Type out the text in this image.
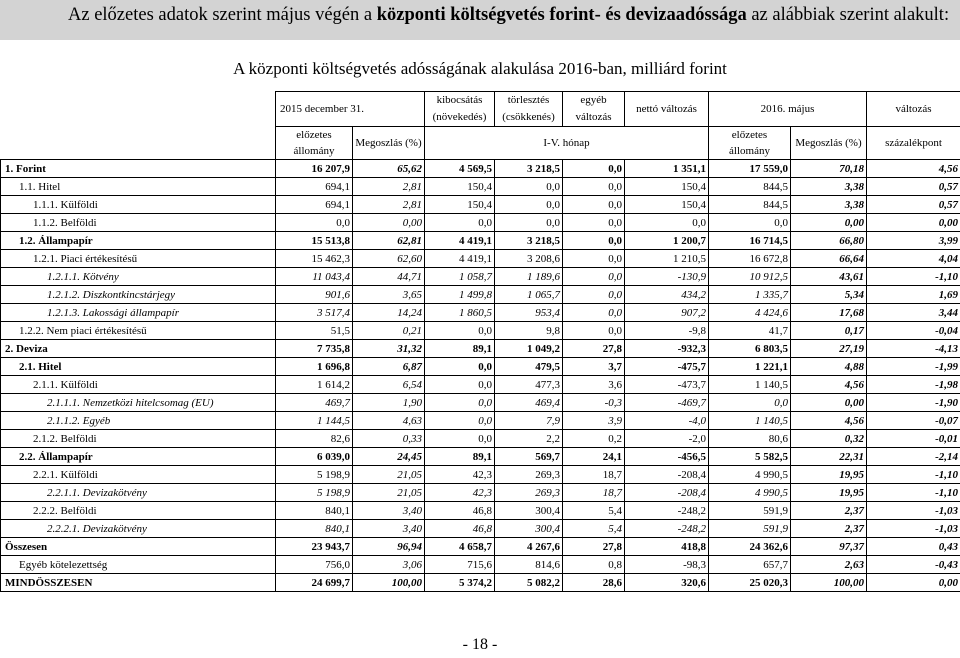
Az előzetes adatok szerint május végén a központi költségvetés forint- és devizaadóssága az alábbiak szerint alakult:
A központi költségvetés adósságának alakulása 2016-ban, milliárd forint
	2015 december 31.		kibocsátás (növekedés)	törlesztés (csökkenés)	egyéb változás	nettó változás	2016. május		változás
	előzetes állomány	Megoszlás (%)	I-V. hónap				előzetes állomány	Megoszlás (%)	százalékpont
1. Forint	16 207,9	65,62	4 569,5	3 218,5	0,0	1 351,1	17 559,0	70,18	4,56
1.1. Hitel	694,1	2,81	150,4	0,0	0,0	150,4	844,5	3,38	0,57
1.1.1. Külföldi	694,1	2,81	150,4	0,0	0,0	150,4	844,5	3,38	0,57
1.1.2. Belföldi	0,0	0,00	0,0	0,0	0,0	0,0	0,0	0,00	0,00
1.2. Állampapír	15 513,8	62,81	4 419,1	3 218,5	0,0	1 200,7	16 714,5	66,80	3,99
1.2.1. Piaci értékesítésű	15 462,3	62,60	4 419,1	3 208,6	0,0	1 210,5	16 672,8	66,64	4,04
1.2.1.1. Kötvény	11 043,4	44,71	1 058,7	1 189,6	0,0	-130,9	10 912,5	43,61	-1,10
1.2.1.2. Diszkontkincstárjegy	901,6	3,65	1 499,8	1 065,7	0,0	434,2	1 335,7	5,34	1,69
1.2.1.3. Lakossági állampapír	3 517,4	14,24	1 860,5	953,4	0,0	907,2	4 424,6	17,68	3,44
1.2.2. Nem piaci értékesítésű	51,5	0,21	0,0	9,8	0,0	-9,8	41,7	0,17	-0,04
2. Deviza	7 735,8	31,32	89,1	1 049,2	27,8	-932,3	6 803,5	27,19	-4,13
2.1. Hitel	1 696,8	6,87	0,0	479,5	3,7	-475,7	1 221,1	4,88	-1,99
2.1.1. Külföldi	1 614,2	6,54	0,0	477,3	3,6	-473,7	1 140,5	4,56	-1,98
2.1.1.1. Nemzetközi hitelcsomag (EU)	469,7	1,90	0,0	469,4	-0,3	-469,7	0,0	0,00	-1,90
2.1.1.2. Egyéb	1 144,5	4,63	0,0	7,9	3,9	-4,0	1 140,5	4,56	-0,07
2.1.2. Belföldi	82,6	0,33	0,0	2,2	0,2	-2,0	80,6	0,32	-0,01
2.2. Állampapír	6 039,0	24,45	89,1	569,7	24,1	-456,5	5 582,5	22,31	-2,14
2.2.1. Külföldi	5 198,9	21,05	42,3	269,3	18,7	-208,4	4 990,5	19,95	-1,10
2.2.1.1. Devizakötvény	5 198,9	21,05	42,3	269,3	18,7	-208,4	4 990,5	19,95	-1,10
2.2.2. Belföldi	840,1	3,40	46,8	300,4	5,4	-248,2	591,9	2,37	-1,03
2.2.2.1. Devizakötvény	840,1	3,40	46,8	300,4	5,4	-248,2	591,9	2,37	-1,03
Összesen	23 943,7	96,94	4 658,7	4 267,6	27,8	418,8	24 362,6	97,37	0,43
Egyéb kötelezettség	756,0	3,06	715,6	814,6	0,8	-98,3	657,7	2,63	-0,43
MINDÖSSZESEN	24 699,7	100,00	5 374,2	5 082,2	28,6	320,6	25 020,3	100,00	0,00
- 18 -
